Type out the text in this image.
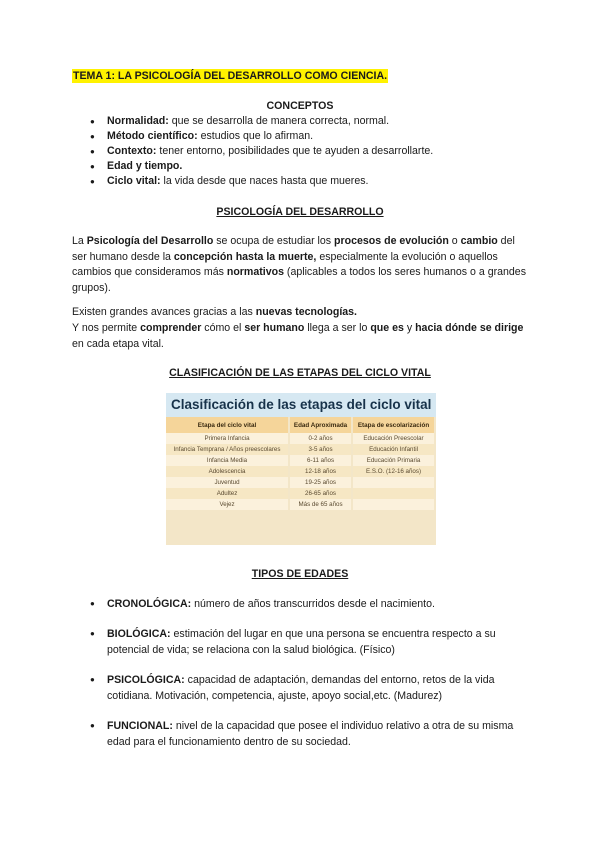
TEMA 1: LA PSICOLOGÍA DEL DESARROLLO COMO CIENCIA.
CONCEPTOS
● Normalidad: que se desarrolla de manera correcta, normal.
● Método científico: estudios que lo afirman.
● Contexto: tener entorno, posibilidades que te ayuden a desarrollarte.
● Edad y tiempo.
● Ciclo vital: la vida desde que naces hasta que mueres.
PSICOLOGÍA DEL DESARROLLO

La Psicología del Desarrollo se ocupa de estudiar los procesos de evolución o cambio del ser humano desde la concepción hasta la muerte, especialmente la evolución o aquellos cambios que consideramos más normativos (aplicables a todos los seres humanos o a grandes grupos).

Existen grandes avances gracias a las nuevas tecnologías.

Y nos permite comprender cómo el ser humano llega a ser lo que es y hacia dónde se dirige en cada etapa vital.

CLASIFICACIÓN DE LAS ETAPAS DEL CICLO VITAL
Clasificación de las etapas del ciclo vital
Etapa del ciclo vital	Edad Aproximada	Etapa de escolarización
Primera Infancia	0-2 años	Educación Preescolar
Infancia Temprana / Años preescolares	3-5 años	Educación Infantil
Infancia Media	6-11 años	Educación Primaria
Adolescencia	12-18 años	E.S.O. (12-16 años)
Juventud	19-25 años	
Adultez	26-65 años	
Vejez	Más de 65 años	
TIPOS DE EDADES
● CRONOLÓGICA: número de años transcurridos desde el nacimiento.
● BIOLÓGICA: estimación del lugar en que una persona se encuentra respecto a su potencial de vida; se relaciona con la salud biológica. (Físico)
● PSICOLÓGICA: capacidad de adaptación, demandas del entorno, retos de la vida cotidiana. Motivación, competencia, ajuste, apoyo social,etc. (Madurez)
● FUNCIONAL: nivel de la capacidad que posee el individuo relativo a otra de su misma edad para el funcionamiento dentro de su sociedad.
